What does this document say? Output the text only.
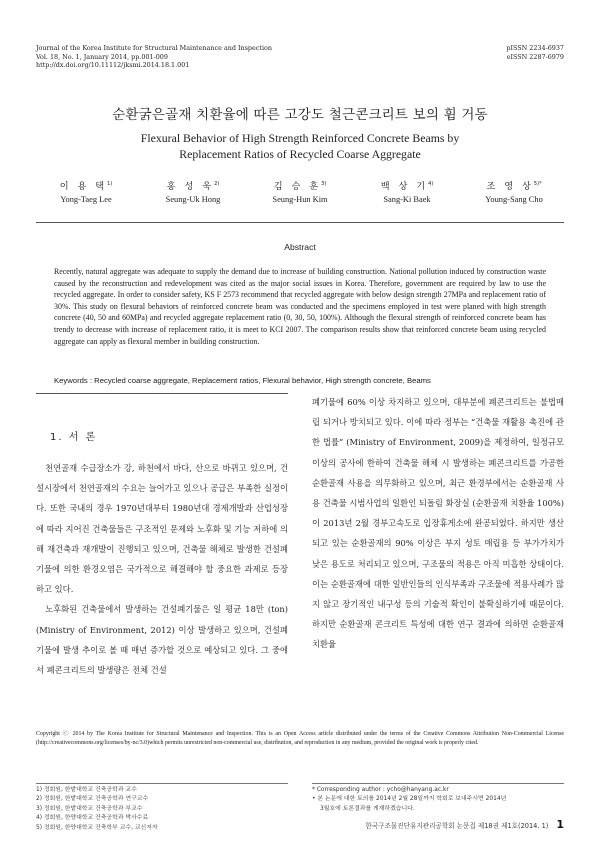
Journal of the Korea Institute for Structural Maintenance and Inspection
Vol. 18, No. 1, January 2014, pp.001-009
http://dx.doi.org/10.11112/jksmi.2014.18.1.001
pISSN 2234-6937
eISSN 2287-6979
순환굵은골재 치환율에 따른 고강도 철근콘크리트 보의 휨 거동
Flexural Behavior of High Strength Reinforced Concrete Beams by
Replacement Ratios of Recycled Coarse Aggregate
이 용 택$^{1)}$
Yong-Taeg Lee
홍 성 욱$^{2)}$
Seung-Uk Hong
김 승 훈$^{3)}$
Seung-Hun Kim
백 상 기$^{4)}$
Sang-Ki Baek
조 영 상$^{5)*}$
Young-Sang Cho
Abstract
Recently, natural aggregate was adequate to supply the demand due to increase of building construction. National pollution induced by construction waste caused by the reconstruction and redevelopment was cited as the major social issues in Korea. Therefore, government are required by law to use the recycled aggregate. In order to consider safety, KS F 2573 recommend that recycled aggregate with below design strength 27MPa and replacement ratio of 30%. This study on flexural behaviors of reinforced concrete beam was conducted and the specimens employed in test were planed with high strength concrete (40, 50 and 60MPa) and recycled aggregate replacement ratio (0, 30, 50, 100%). Although the flexural strength of reinforced concrete beam has trendy to decrease with increase of replacement ratio, it is meet to KCI 2007. The comparison results show that reinforced concrete beam using recycled aggregate can apply as flexural member in building construction.
Keywords : Recycled coarse aggregate, Replacement ratios, Flexural behavior, High strength concrete, Beams
1. 서 론

천연골재 수급장소가 강, 하천에서 바다, 산으로 바뀌고 있으며, 건설시장에서 천연골재의 수요는 늘어가고 있으나 공급은 부족한 실정이다. 또한 국내의 경우 1970년대부터 1980년대 경제개발과 산업성장에 따라 지어진 건축물들은 구조적인 문제와 노후화 및 기능 저하에 의해 재건축과 재개발이 진행되고 있으며, 건축물 해체로 발생한 건설폐기물에 의한 환경오염은 국가적으로 해결해야 할 중요한 과제로 등장하고 있다.

노후화된 건축물에서 발생하는 건설폐기물은 일 평균 18만 (ton) (Ministry of Environment, 2012) 이상 발생하고 있으며, 건설폐기물에 발생 추이로 볼 때 매년 증가할 것으로 예상되고 있다. 그 중에서 폐콘크리트의 발생량은 전체 건설

폐기물에 60% 이상 차지하고 있으며, 대부분에 폐콘크리트는 불법매립 되거나 방치되고 있다. 이에 따라 정부는 “건축물 재활용 촉진에 관한 법률” (Ministry of Environment, 2009)을 제정하여, 일정규모 이상의 공사에 한하여 건축물 해체 시 발생하는 폐콘크리트를 가공한 순환골재 사용을 의무화하고 있으며, 최근 환경부에서는 순환골재 사용 건축물 시범사업의 일환인 되돌림 화장실 (순환골재 치환율 100%)이 2013년 2월 경부고속도로 입장휴게소에 완공되었다. 하지만 생산되고 있는 순환골재의 90% 이상은 부지 성토 매립용 등 부가가치가 낮은 용도로 처리되고 있으며, 구조물의 적용은 아직 미흡한 상태이다. 이는 순환골재에 대한 일반인들의 인식부족과 구조물에 적용사례가 많지 않고 장기적인 내구성 등의 기술적 확인이 불확실하기에 때문이다. 하지만 순환골재 콘크리트 특성에 대한 연구 결과에 의하면 순환골재 치환율

Copyright ⓒ 2014 by The Korea Institute for Structural Maintenance and Inspection. This is an Open Access article distributed under the terms of the Creative Commons Attribution Non-Commercial License (http://creativecommons.org/licenses/by-nc/3.0)which permits unrestricted non-commercial use, distribution, and reproduction in any medium, provided the original work is properly cited.
1) 정회원, 한밭대학교 건축공학과 교수
2) 정회원, 한밭대학교 건축공학과 연구교수
3) 정회원, 한밭대학교 건축공학과 부교수
4) 정회원, 한양대학교 건축공학과 박사수료
5) 정회원, 한양대학교 건축학부 교수, 교신저자
* Corresponding author : ycho@hanyang.ac.kr
• 본 논문에 대한 토의를 2014년 2월 28일까지 학회로 보내주시면 2014년
3월호에 토론결과를 게재하겠습니다.
한국구조물진단유지관리공학회 논문집 제18권 제1호(2014. 1) 1
